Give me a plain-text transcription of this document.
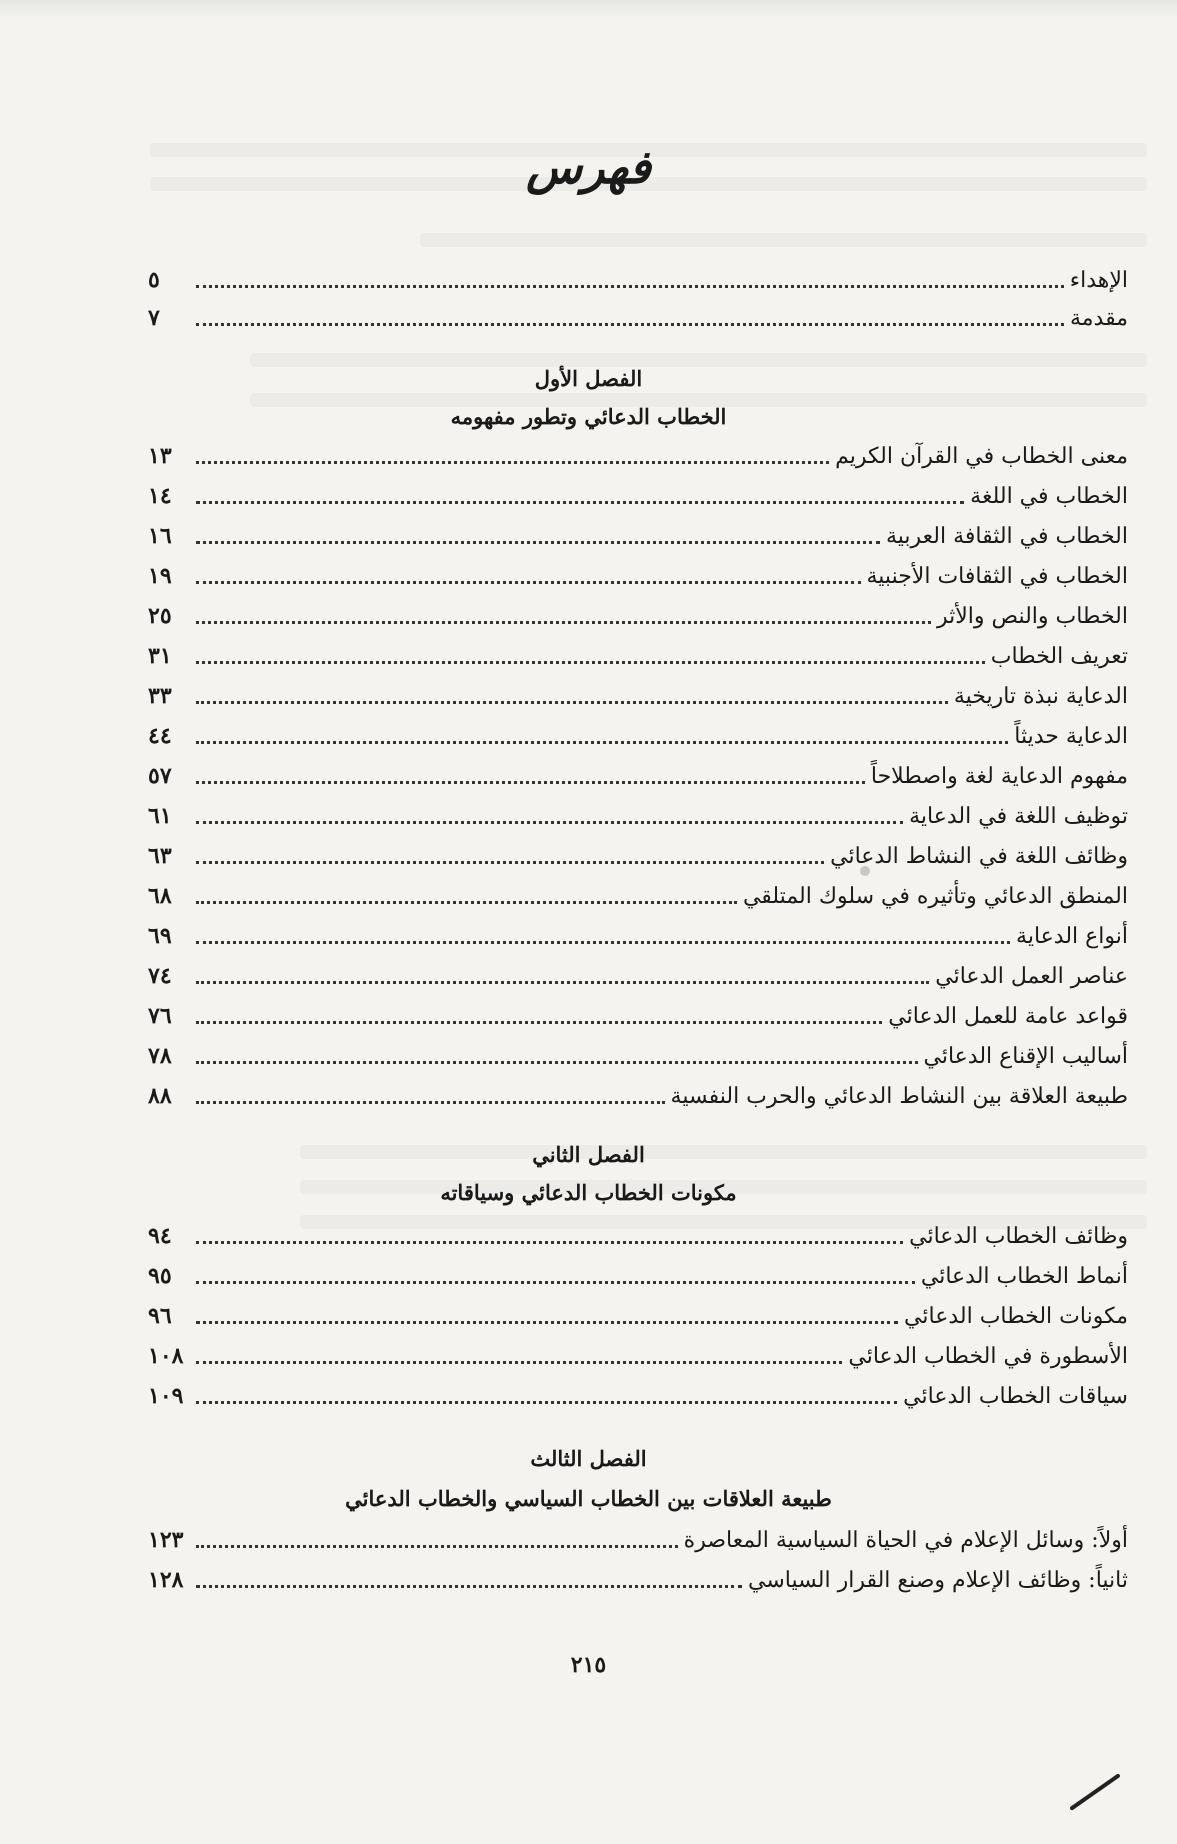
فهرس
الإهداء
٥
مقدمة
٧
الفصل الأول
الخطاب الدعائي وتطور مفهومه
معنى الخطاب في القرآن الكريم
١٣
الخطاب في اللغة
١٤
الخطاب في الثقافة العربية
١٦
الخطاب في الثقافات الأجنبية
١٩
الخطاب والنص والأثر
٢٥
تعريف الخطاب
٣١
الدعاية نبذة تاريخية
٣٣
الدعاية حديثاً
٤٤
مفهوم الدعاية لغة واصطلاحاً
٥٧
توظيف اللغة في الدعاية
٦١
وظائف اللغة في النشاط الدعائي
٦٣
المنطق الدعائي وتأثيره في سلوك المتلقي
٦٨
أنواع الدعاية
٦٩
عناصر العمل الدعائي
٧٤
قواعد عامة للعمل الدعائي
٧٦
أساليب الإقناع الدعائي
٧٨
طبيعة العلاقة بين النشاط الدعائي والحرب النفسية
٨٨
الفصل الثاني
مكونات الخطاب الدعائي وسياقاته
وظائف الخطاب الدعائي
٩٤
أنماط الخطاب الدعائي
٩٥
مكونات الخطاب الدعائي
٩٦
الأسطورة في الخطاب الدعائي
١٠٨
سياقات الخطاب الدعائي
١٠٩
الفصل الثالث
طبيعة العلاقات بين الخطاب السياسي والخطاب الدعائي
أولاً: وسائل الإعلام في الحياة السياسية المعاصرة
١٢٣
ثانياً: وظائف الإعلام وصنع القرار السياسي
١٢٨
٢١٥
